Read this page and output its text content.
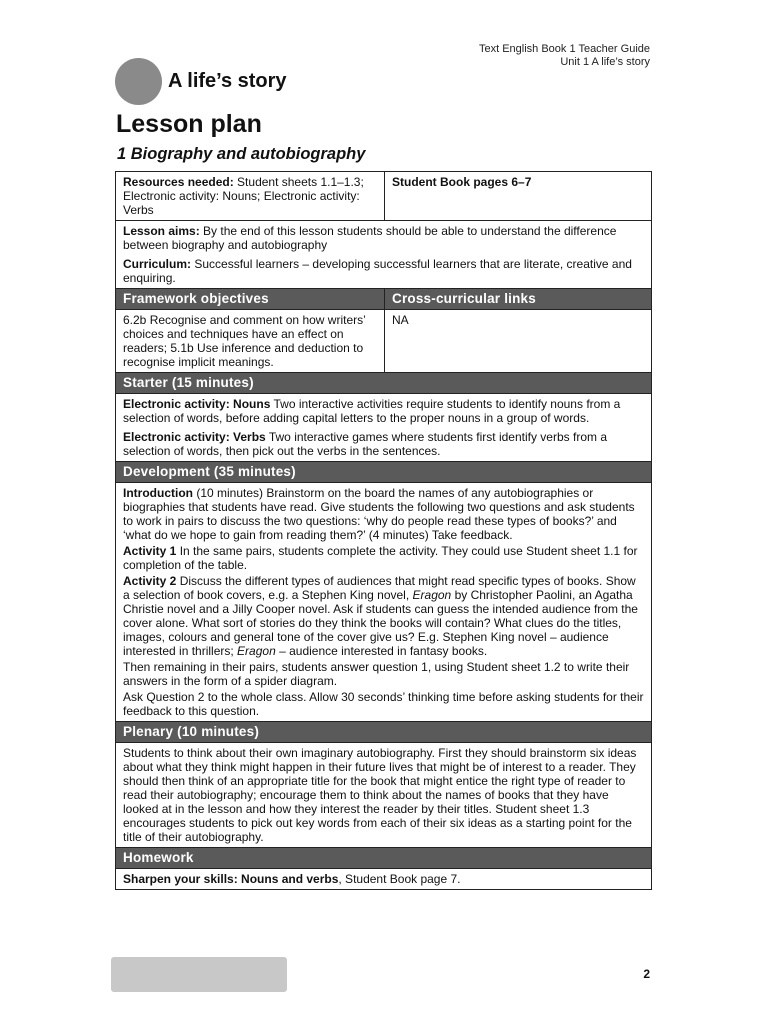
Text English Book 1 Teacher Guide
Unit 1 A life’s story
A life’s story
Lesson plan
1 Biography and autobiography
Resources needed: Student sheets 1.1–1.3; Electronic activity: Nouns; Electronic activity: Verbs	Student Book pages 6–7

Lesson aims: By the end of this lesson students should be able to understand the difference between biography and autobiography

Curriculum: Successful learners – developing successful learners that are literate, creative and enquiring.	

Framework objectives	Cross-curricular links
6.2b Recognise and comment on how writers’ choices and techniques have an effect on readers; 5.1b Use inference and deduction to recognise implicit meanings.	NA
Starter (15 minutes)	

Electronic activity: Nouns Two interactive activities require students to identify nouns from a selection of words, before adding capital letters to the proper nouns in a group of words.

Electronic activity: Verbs Two interactive games where students first identify verbs from a selection of words, then pick out the verbs in the sentences.	

Development (35 minutes)	

Introduction (10 minutes) Brainstorm on the board the names of any autobiographies or biographies that students have read. Give students the following two questions and ask students to work in pairs to discuss the two questions: ‘why do people read these types of books?’ and ‘what do we hope to gain from reading them?’ (4 minutes) Take feedback.

Activity 1 In the same pairs, students complete the activity. They could use Student sheet 1.1 for completion of the table.

Activity 2 Discuss the different types of audiences that might read specific types of books. Show a selection of book covers, e.g. a Stephen King novel, Eragon by Christopher Paolini, an Agatha Christie novel and a Jilly Cooper novel. Ask if students can guess the intended audience from the cover alone. What sort of stories do they think the books will contain? What clues do the titles, images, colours and general tone of the cover give us? E.g. Stephen King novel – audience interested in thrillers; Eragon – audience interested in fantasy books.

Then remaining in their pairs, students answer question 1, using Student sheet 1.2 to write their answers in the form of a spider diagram.

Ask Question 2 to the whole class. Allow 30 seconds’ thinking time before asking students for their feedback to this question.	

Plenary (10 minutes)	
Students to think about their own imaginary autobiography. First they should brainstorm six ideas about what they think might happen in their future lives that might be of interest to a reader. They should then think of an appropriate title for the book that might entice the right type of reader to read their autobiography; encourage them to think about the names of books that they have looked at in the lesson and how they interest the reader by their titles. Student sheet 1.3 encourages students to pick out key words from each of their six ideas as a starting point for the title of their autobiography.	
Homework	
Sharpen your skills: Nouns and verbs, Student Book page 7.	
2
